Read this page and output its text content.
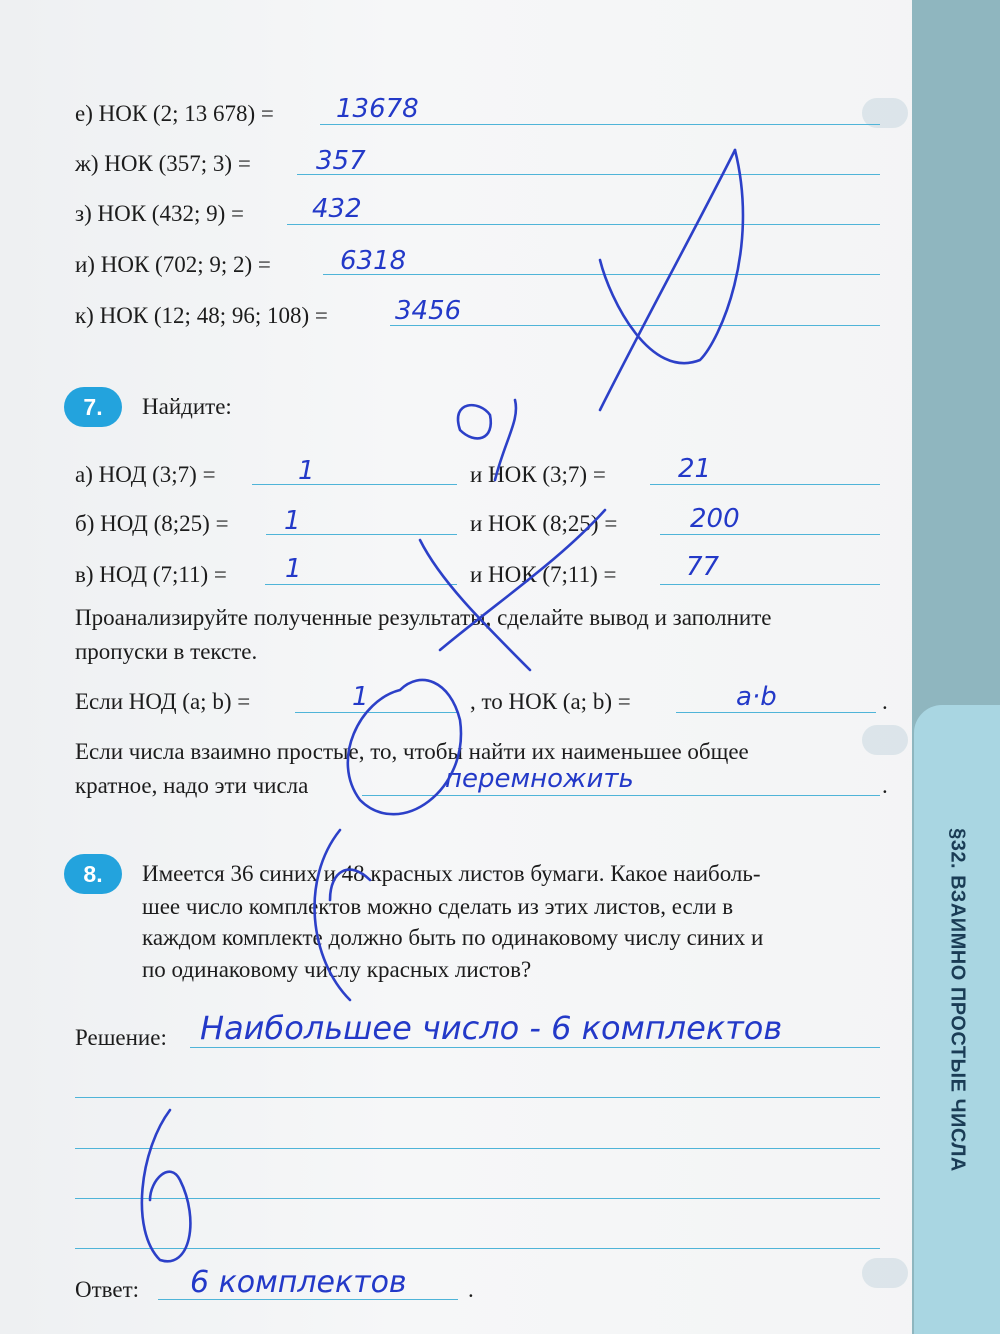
§32. ВЗАИМНО ПРОСТЫЕ ЧИСЛА
е) НОК (2; 13 678) = 13678
ж) НОК (357; 3) =	357
з) НОК (432; 9) =	432
и) НОК (702; 9; 2) =	6318
к) НОК (12; 48; 96; 108) =	3456
7.	Найдите:
а) НОД (3;7) =	1	и НОК (3;7) =	21
б) НОД (8;25) = 1	и НОК (8;25) =	200
в) НОД (7;11) = 1	и НОК (7;11) =	77
Проанализируйте полученные результаты, сделайте вывод и заполните
пропуски в тексте.
Если НОД (a; b) =	1	, то НОК (a; b) =	a·b	.
Если числа взаимно простые, то, чтобы найти их наименьшее общее
кратное, надо эти числа	перемножить	.
8.	Имеется 36 синих и 48 красных листов бумаги. Какое наиболь-
шее число комплектов можно сделать из этих листов, если в
каждом комплекте должно быть по одинаковому числу синих и
по одинаковому числу красных листов?
Решение: Наибольшее число - 6 комплектов
Ответ: 6 комплектов	.
